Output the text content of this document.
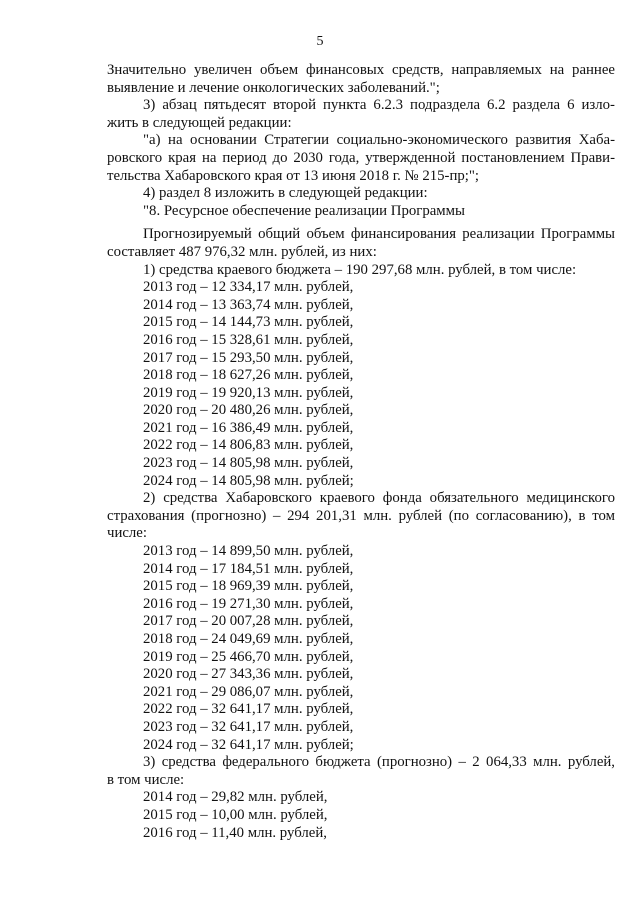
5
Значительно увеличен объем финансовых средств, направляемых на раннее
выявление и лечение онкологических заболеваний.";
3) абзац пятьдесят второй пункта 6.2.3 подраздела 6.2 раздела 6 изло-
жить в следующей редакции:
"а) на основании Стратегии социально-экономического развития Хаба-
ровского края на период до 2030 года, утвержденной постановлением Прави-
тельства Хабаровского края от 13 июня 2018 г. № 215-пр;";
4) раздел 8 изложить в следующей редакции:
"8. Ресурсное обеспечение реализации Программы
Прогнозируемый общий объем финансирования реализации Программы
составляет 487 976,32 млн. рублей, из них:
1) средства краевого бюджета – 190 297,68 млн. рублей, в том числе:
2013 год – 12 334,17 млн. рублей,
2014 год – 13 363,74 млн. рублей,
2015 год – 14 144,73 млн. рублей,
2016 год – 15 328,61 млн. рублей,
2017 год – 15 293,50 млн. рублей,
2018 год – 18 627,26 млн. рублей,
2019 год – 19 920,13 млн. рублей,
2020 год – 20 480,26 млн. рублей,
2021 год – 16 386,49 млн. рублей,
2022 год – 14 806,83 млн. рублей,
2023 год – 14 805,98 млн. рублей,
2024 год – 14 805,98 млн. рублей;
2) средства Хабаровского краевого фонда обязательного медицинского
страхования (прогнозно) – 294 201,31 млн. рублей (по согласованию), в том
числе:
2013 год – 14 899,50 млн. рублей,
2014 год – 17 184,51 млн. рублей,
2015 год – 18 969,39 млн. рублей,
2016 год – 19 271,30 млн. рублей,
2017 год – 20 007,28 млн. рублей,
2018 год – 24 049,69 млн. рублей,
2019 год – 25 466,70 млн. рублей,
2020 год – 27 343,36 млн. рублей,
2021 год – 29 086,07 млн. рублей,
2022 год – 32 641,17 млн. рублей,
2023 год – 32 641,17 млн. рублей,
2024 год – 32 641,17 млн. рублей;
3) средства федерального бюджета (прогнозно) – 2 064,33 млн. рублей,
в том числе:
2014 год – 29,82 млн. рублей,
2015 год – 10,00 млн. рублей,
2016 год – 11,40 млн. рублей,
